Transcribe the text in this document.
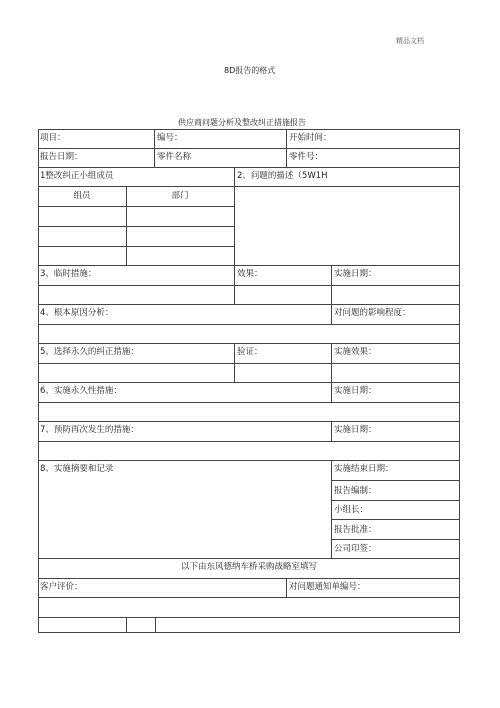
精品文档
8D报告的格式
供应商问题分析及整改纠正措施报告
项目：	编号：	开始时间：
报告日期：	零件名称	零件号：
1整改纠正小组成员	2、问题的描述（5W1H
组员	部门
3、临时措施：	效果：	实施日期：
4、根本原因分析：	对问题的影响程度：
5、选择永久的纠正措施：	验证：	实施效果：
6、实施永久性措施：	实施日期：
7、预防再次发生的措施：	实施日期：
8、实施摘要和记录	实施结束日期：
报告编制：
小组长：
报告批准：
公司印签：
以下由东风德纳车桥采购战略室填写
客户评价：	对问题通知单编号：
